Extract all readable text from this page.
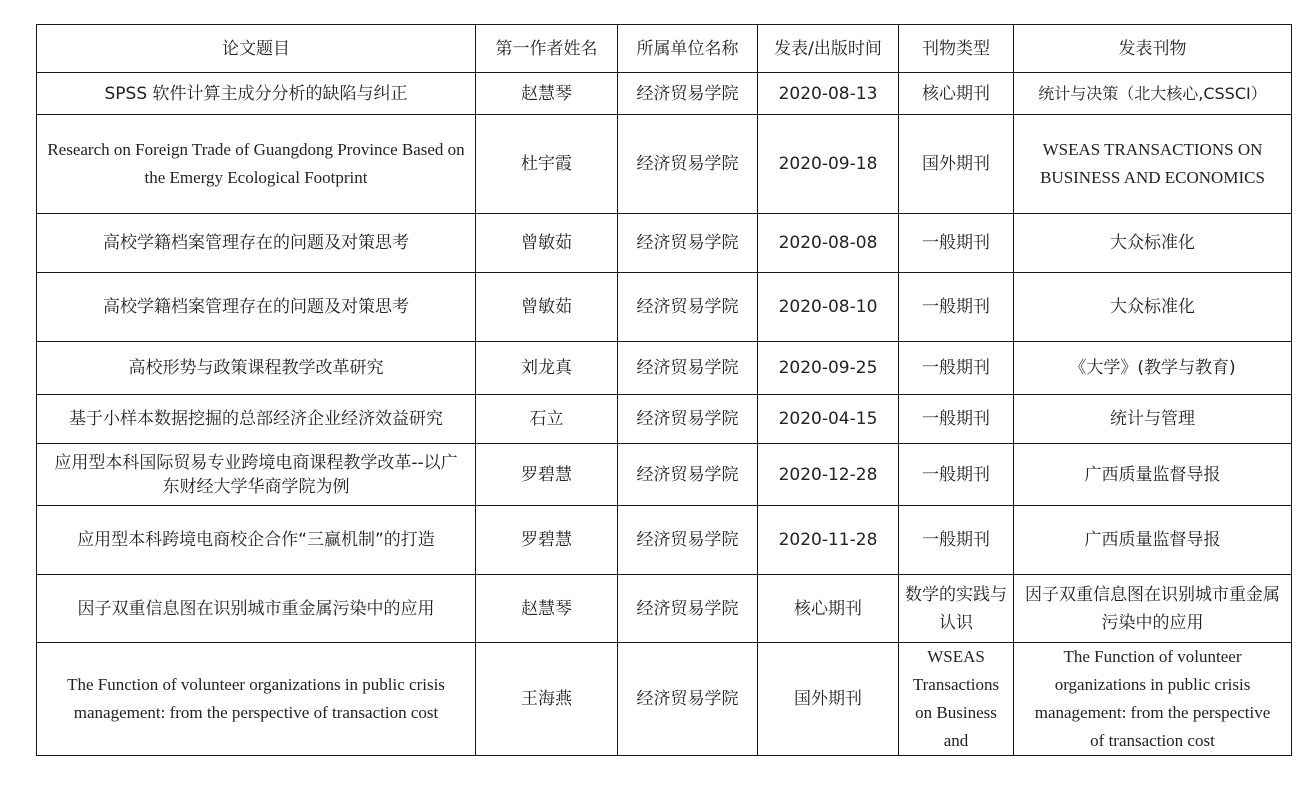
论文题目	第一作者姓名	所属单位名称	发表/出版时间	刊物类型	发表刊物
SPSS 软件计算主成分分析的缺陷与纠正	赵慧琴	经济贸易学院	2020-08-13	核心期刊	统计与决策（北大核心,CSSCI）
Research on Foreign Trade of Guangdong Province Based on the Emergy Ecological Footprint	杜宇霞	经济贸易学院	2020-09-18	国外期刊	WSEAS TRANSACTIONS ON BUSINESS AND ECONOMICS
高校学籍档案管理存在的问题及对策思考	曾敏茹	经济贸易学院	2020-08-08	一般期刊	大众标准化
高校学籍档案管理存在的问题及对策思考	曾敏茹	经济贸易学院	2020-08-10	一般期刊	大众标准化
高校形势与政策课程教学改革研究	刘龙真	经济贸易学院	2020-09-25	一般期刊	《大学》(教学与教育)
基于小样本数据挖掘的总部经济企业经济效益研究	石立	经济贸易学院	2020-04-15	一般期刊	统计与管理
应用型本科国际贸易专业跨境电商课程教学改革--以广东财经大学华商学院为例	罗碧慧	经济贸易学院	2020-12-28	一般期刊	广西质量监督导报
应用型本科跨境电商校企合作“三赢机制”的打造	罗碧慧	经济贸易学院	2020-11-28	一般期刊	广西质量监督导报
因子双重信息图在识别城市重金属污染中的应用	赵慧琴	经济贸易学院	核心期刊	数学的实践与认识	因子双重信息图在识别城市重金属污染中的应用
The Function of volunteer organizations in public crisis management: from the perspective of transaction cost	王海燕	经济贸易学院	国外期刊	WSEAS Transactions on Business and	The Function of volunteer organizations in public crisis management: from the perspective of transaction cost
